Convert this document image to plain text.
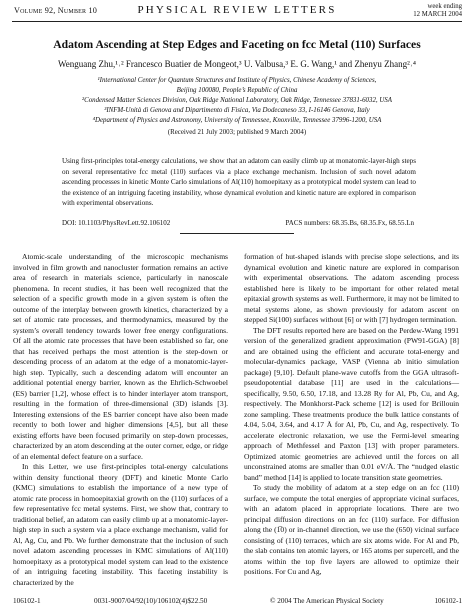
Volume 92, Number 10	PHYSICAL REVIEW LETTERS	week ending
12 MARCH 2004
Adatom Ascending at Step Edges and Faceting on fcc Metal (110) Surfaces
Wenguang Zhu,¹˒² Francesco Buatier de Mongeot,³ U. Valbusa,³ E. G. Wang,¹ and Zhenyu Zhang²˒⁴
¹International Center for Quantum Structures and Institute of Physics, Chinese Academy of Sciences,
Beijing 100080, People’s Republic of China
²Condensed Matter Sciences Division, Oak Ridge National Laboratory, Oak Ridge, Tennessee 37831-6032, USA
³INFM-Unità di Genova and Dipartimento di Fisica, Via Dodecaneso 33, I-16146 Genova, Italy
⁴Department of Physics and Astronomy, University of Tennessee, Knoxville, Tennessee 37996-1200, USA
(Received 21 July 2003; published 9 March 2004)
Using first-principles total-energy calculations, we show that an adatom can easily climb up at monatomic-layer-high steps on several representative fcc metal (110) surfaces via a place exchange mechanism. Inclusion of such novel adatom ascending processes in kinetic Monte Carlo simulations of Al(110) homoepitaxy as a prototypical model system can lead to the existence of an intriguing faceting instability, whose dynamical evolution and kinetic nature are explored in comparison with experimental observations.
DOI: 10.1103/PhysRevLett.92.106102	PACS numbers: 68.35.Bs, 68.35.Fx, 68.55.Ln

Atomic-scale understanding of the microscopic mechanisms involved in film growth and nanocluster formation remains an active area of research in materials science, particularly in nanoscale phenomena. In recent studies, it has been well recognized that the selection of a specific growth mode in a given system is often the outcome of the interplay between growth kinetics, characterized by a set of atomic rate processes, and thermodynamics, measured by the system’s overall tendency towards lower free energy configurations. Of all the atomic rate processes that have been established so far, one that has received perhaps the most attention is the step-down or descending process of an adatom at the edge of a monatomic-layer-high step. Typically, such a descending adatom will encounter an additional potential energy barrier, known as the Ehrlich-Schwoebel (ES) barrier [1,2], whose effect is to hinder interlayer atom transport, resulting in the formation of three-dimensional (3D) islands [3]. Interesting extensions of the ES barrier concept have also been made recently to both lower and higher dimensions [4,5], but all these existing efforts have been focused primarily on step-down processes, characterized by an atom descending at the outer corner, edge, or ridge of an elemental defect feature on a surface.

In this Letter, we use first-principles total-energy calculations within density functional theory (DFT) and kinetic Monte Carlo (KMC) simulations to establish the importance of a new type of atomic rate process in homoepitaxial growth on the (110) surfaces of a few representative fcc metal systems. First, we show that, contrary to traditional belief, an adatom can easily climb up at a monatomic-layer-high step in such a system via a place exchange mechanism, valid for Al, Ag, Cu, and Pb. We further demonstrate that the inclusion of such novel adatom ascending processes in KMC simulations of Al(110) homoepitaxy as a prototypical model system can lead to the existence of an intriguing faceting instability. This faceting instability is characterized by the

formation of hut-shaped islands with precise slope selections, and its dynamical evolution and kinetic nature are explored in comparison with experimental observations. The adatom ascending process established here is likely to be important for other related metal epitaxial growth systems as well. Furthermore, it may not be limited to metal systems alone, as shown previously for adatom ascent on stepped Si(100) surfaces without [6] or with [7] hydrogen termination.

The DFT results reported here are based on the Perdew-Wang 1991 version of the generalized gradient approximation (PW91-GGA) [8] and are obtained using the efficient and accurate total-energy and molecular-dynamics package, VASP (Vienna ab initio simulation package) [9,10]. Default plane-wave cutoffs from the GGA ultrasoft-pseudopotential database [11] are used in the calculations—specifically, 9.50, 6.50, 17.18, and 13.28 Ry for Al, Pb, Cu, and Ag, respectively. The Monkhorst-Pack scheme [12] is used for Brillouin zone sampling. These treatments produce the bulk lattice constants of 4.04, 5.04, 3.64, and 4.17 Å for Al, Pb, Cu, and Ag, respectively. To accelerate electronic relaxation, we use the Fermi-level smearing approach of Methfessel and Paxton [13] with proper parameters. Optimized atomic geometries are achieved until the forces on all unconstrained atoms are smaller than 0.01 eV/Å. The “nudged elastic band” method [14] is applied to locate transition state geometries.

To study the mobility of adatom at a step edge on an fcc (110) surface, we compute the total energies of appropriate vicinal surfaces, with an adatom placed in appropriate locations. There are two principal diffusion directions on an fcc (110) surface. For diffusion along the (1̅0) or in-channel direction, we use the (650) vicinal surface consisting of (110) terraces, which are six atoms wide. For Al and Pb, the slab contains ten atomic layers, or 165 atoms per supercell, and the atoms within the top five layers are allowed to optimize their positions. For Cu and Ag,

106102-1	0031-9007/04/92(10)/106102(4)$22.50	© 2004 The American Physical Society	106102-1
